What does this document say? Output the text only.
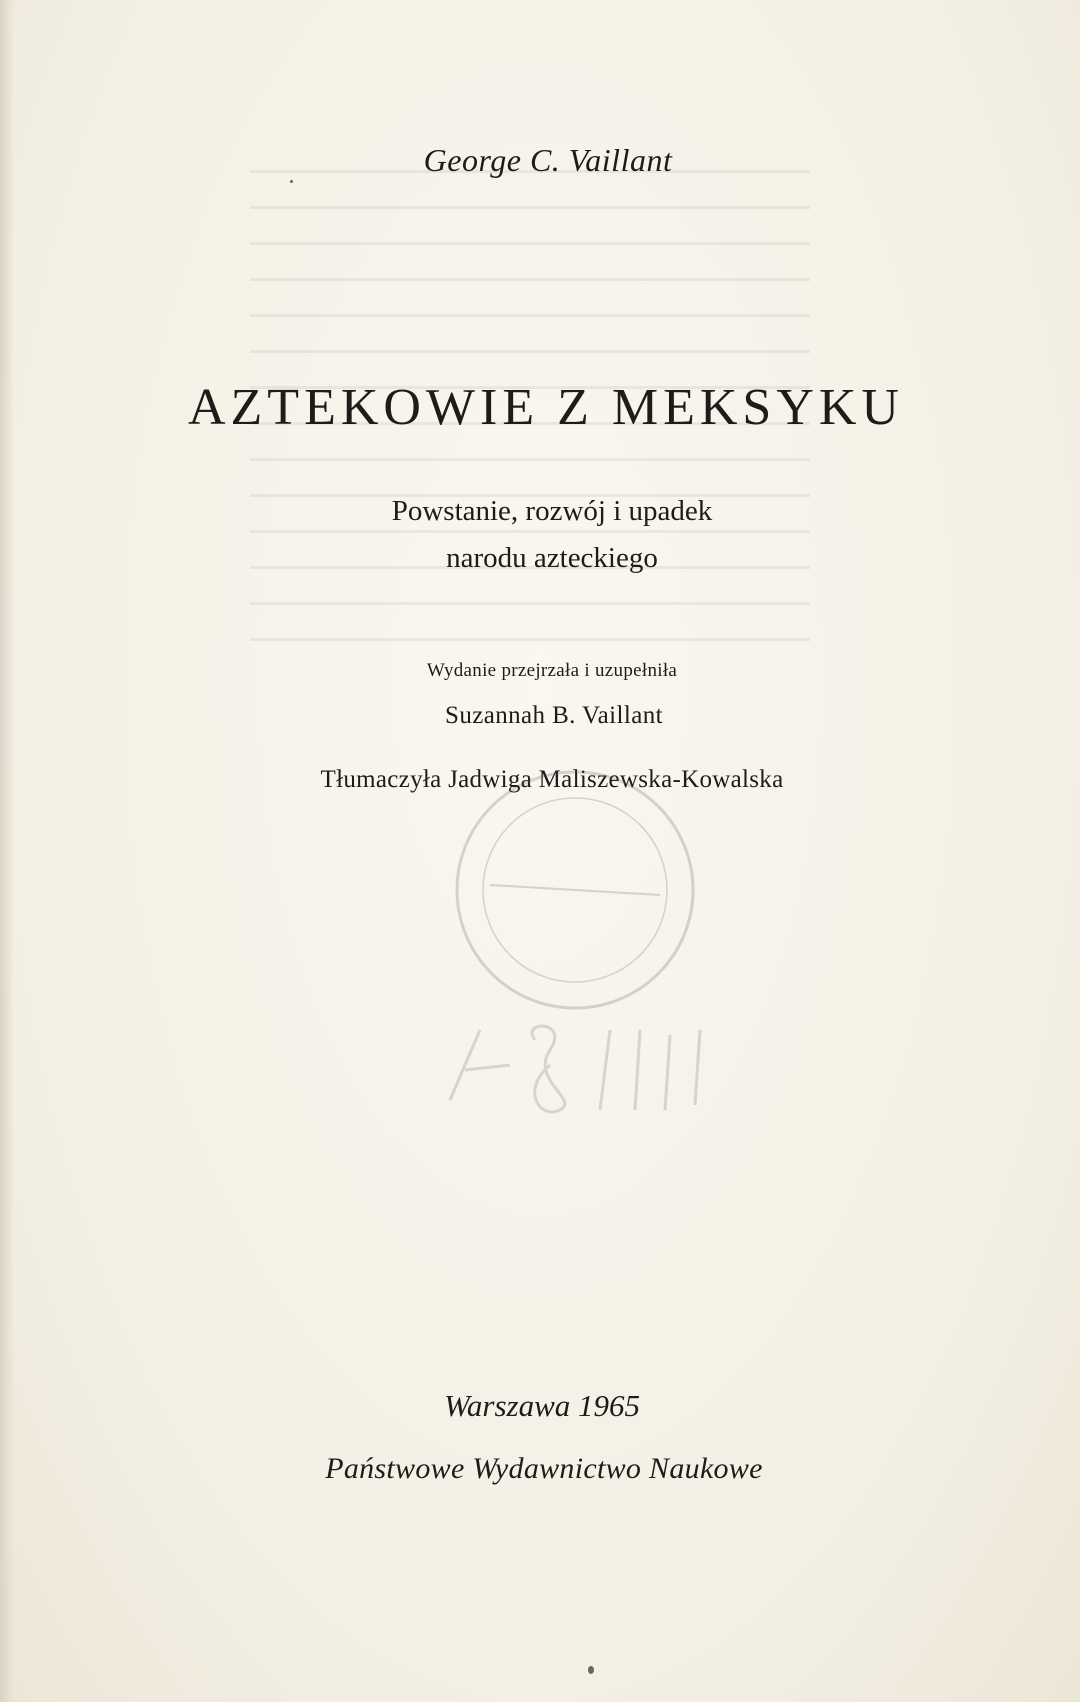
George C. Vaillant
AZTEKOWIE Z MEKSYKU
Powstanie, rozwój i upadek
narodu azteckiego
Wydanie przejrzała i uzupełniła
Suzannah B. Vaillant
Tłumaczyła Jadwiga Maliszewska-Kowalska
Warszawa 1965
Państwowe Wydawnictwo Naukowe
